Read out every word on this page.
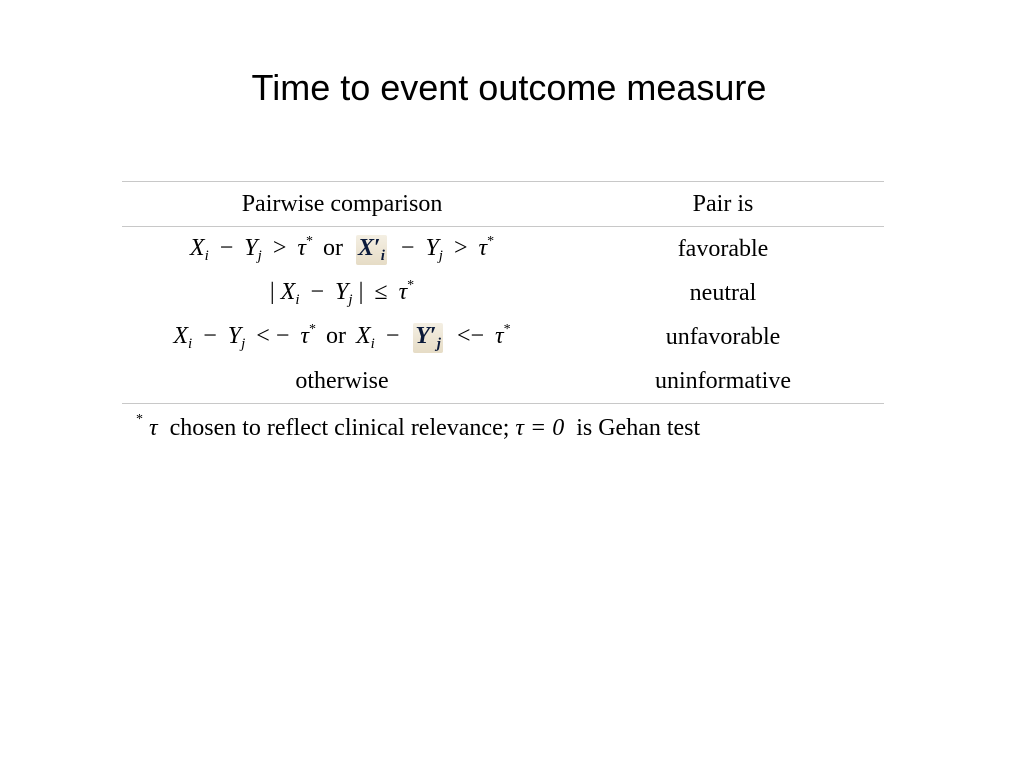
Time to event outcome measure
Pairwise comparison	Pair is
$X_i - Y_j > \tau^*$ or $X'_i - Y_j > \tau^*$	favorable
| $X_i - Y_j$ | ≤ τ*	neutral
$X_i - Y_j$ < − τ* or $X_i - Y'_j <- \tau^*$	unfavorable
otherwise	uninformative
* τ chosen to reflect clinical relevance; τ = 0 is Gehan test
